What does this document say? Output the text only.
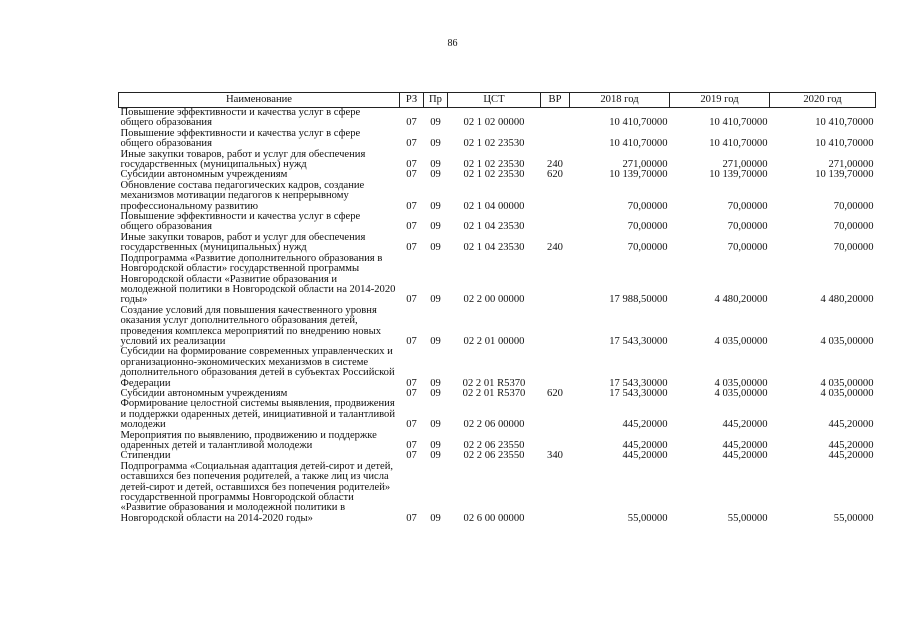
86
Наименование	РЗ	Пр	ЦСТ	ВР	2018 год	2019 год	2020 год
Повышение эффективности и качества услуг в сфере общего образования	07	09	02 1 02 00000		10 410,70000	10 410,70000	10 410,70000
Повышение эффективности и качества услуг в сфере общего образования	07	09	02 1 02 23530		10 410,70000	10 410,70000	10 410,70000
Иные закупки товаров, работ и услуг для обеспечения государственных (муниципальных) нужд	07	09	02 1 02 23530	240	271,00000	271,00000	271,00000
Субсидии автономным учреждениям	07	09	02 1 02 23530	620	10 139,70000	10 139,70000	10 139,70000
Обновление состава педагогических кадров, создание механизмов мотивации педагогов к непрерывному профессиональному развитию	07	09	02 1 04 00000		70,00000	70,00000	70,00000
Повышение эффективности и качества услуг в сфере общего образования	07	09	02 1 04 23530		70,00000	70,00000	70,00000
Иные закупки товаров, работ и услуг для обеспечения государственных (муниципальных) нужд	07	09	02 1 04 23530	240	70,00000	70,00000	70,00000
Подпрограмма «Развитие дополнительного образования в Новгородской области» государственной программы Новгородской области «Развитие образования и молодежной политики в Новгородской области на 2014-2020 годы»	07	09	02 2 00 00000		17 988,50000	4 480,20000	4 480,20000
Создание условий для повышения качественного уровня оказания услуг дополнительного образования детей, проведения комплекса мероприятий по внедрению новых условий их реализации	07	09	02 2 01 00000		17 543,30000	4 035,00000	4 035,00000
Субсидии на формирование современных управленческих и организационно-экономических механизмов в системе дополнительного образования детей в субъектах Российской Федерации	07	09	02 2 01 R5370		17 543,30000	4 035,00000	4 035,00000
Субсидии автономным учреждениям	07	09	02 2 01 R5370	620	17 543,30000	4 035,00000	4 035,00000
Формирование целостной системы выявления, продвижения и поддержки одаренных детей, инициативной и талантливой молодежи	07	09	02 2 06 00000		445,20000	445,20000	445,20000
Мероприятия по выявлению, продвижению и поддержке одаренных детей и талантливой молодежи	07	09	02 2 06 23550		445,20000	445,20000	445,20000
Стипендии	07	09	02 2 06 23550	340	445,20000	445,20000	445,20000
Подпрограмма «Социальная адаптация детей-сирот и детей, оставшихся без попечения родителей, а также лиц из числа детей-сирот и детей, оставшихся без попечения родителей» государственной программы Новгородской области «Развитие образования и молодежной политики в Новгородской области на 2014-2020 годы»	07	09	02 6 00 00000		55,00000	55,00000	55,00000
